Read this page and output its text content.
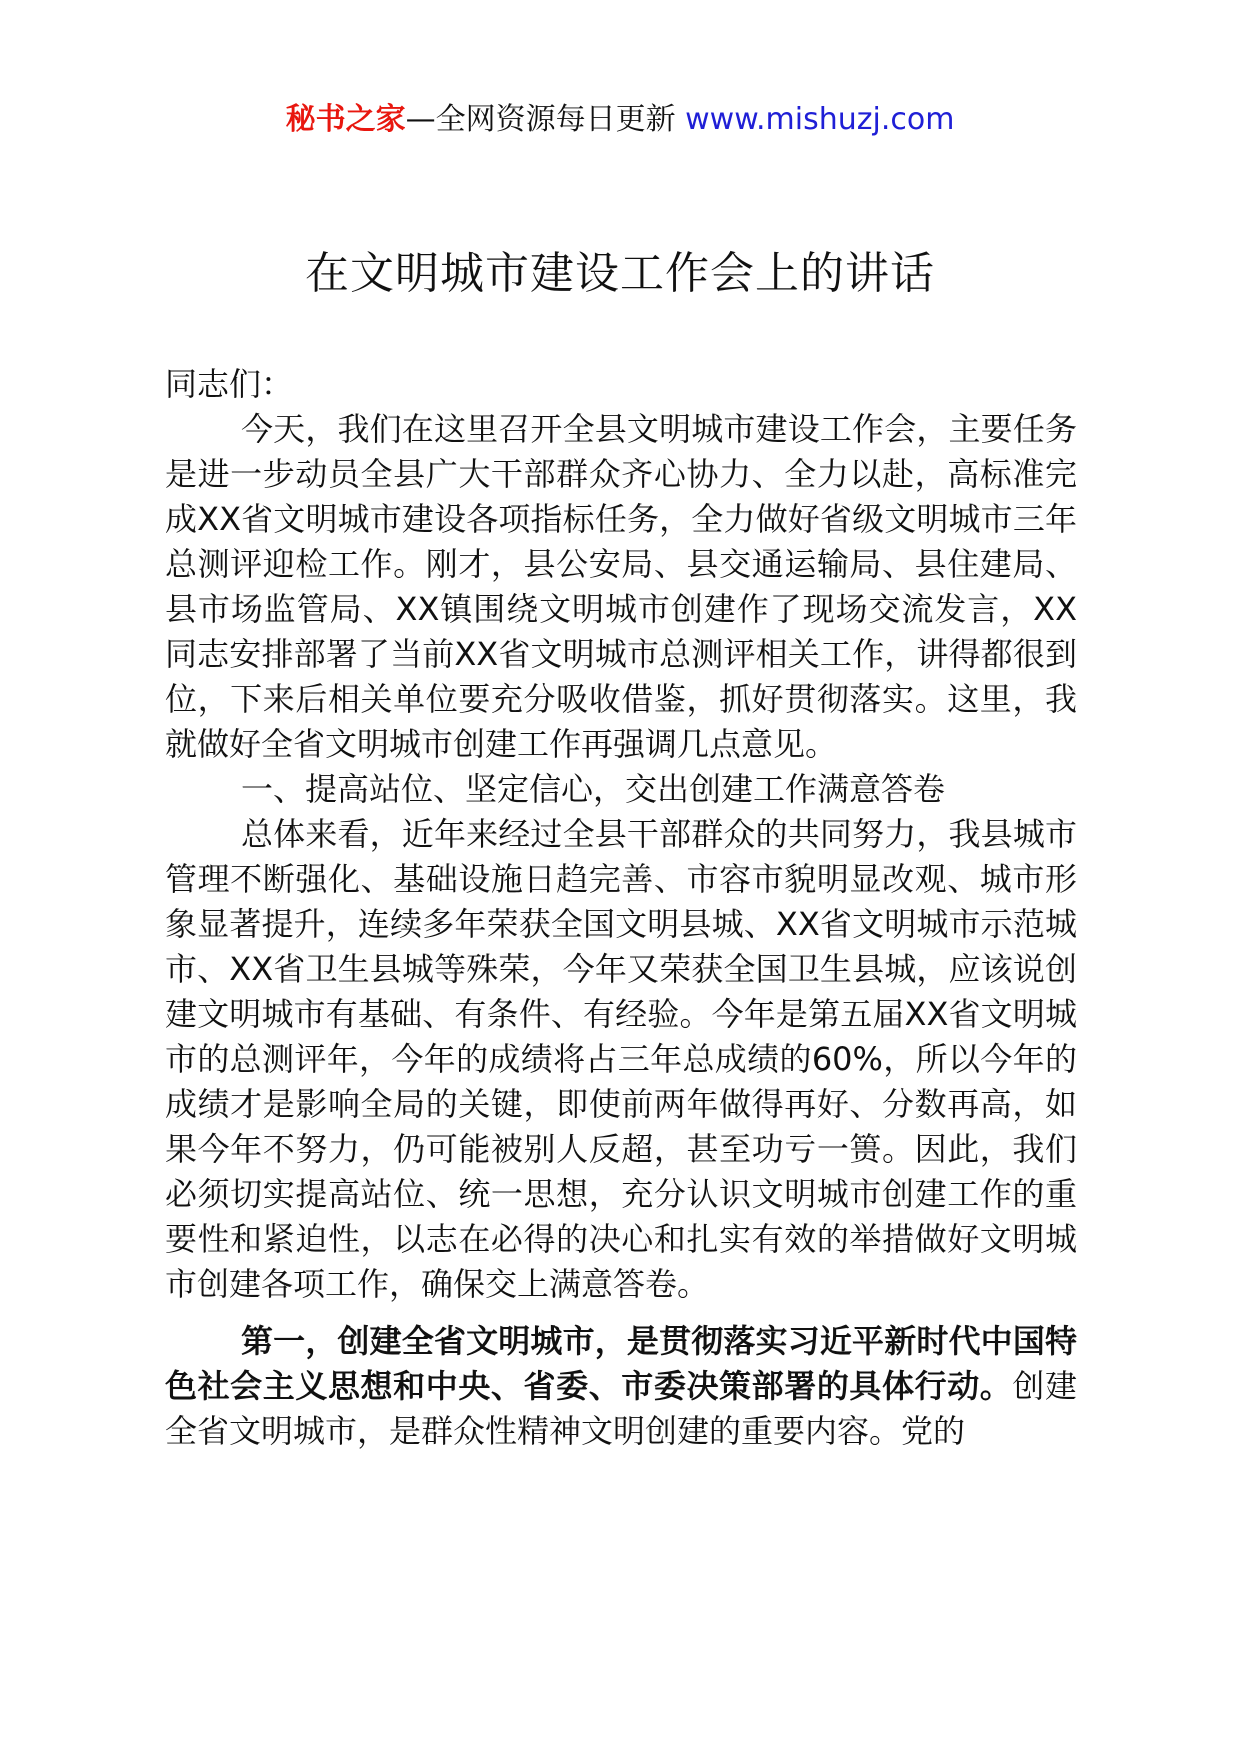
秘书之家—全网资源每日更新 www.mishuzj.com
在文明城市建设工作会上的讲话

同志们：

今天，我们在这里召开全县文明城市建设工作会，主要任务是进一步动员全县广大干部群众齐心协力、全力以赴，高标准完成XX省文明城市建设各项指标任务，全力做好省级文明城市三年总测评迎检工作。刚才，县公安局、县交通运输局、县住建局、县市场监管局、XX镇围绕文明城市创建作了现场交流发言，XX同志安排部署了当前XX省文明城市总测评相关工作，讲得都很到位，下来后相关单位要充分吸收借鉴，抓好贯彻落实。这里，我就做好全省文明城市创建工作再强调几点意见。

一、提高站位、坚定信心，交出创建工作满意答卷

总体来看，近年来经过全县干部群众的共同努力，我县城市管理不断强化、基础设施日趋完善、市容市貌明显改观、城市形象显著提升，连续多年荣获全国文明县城、XX省文明城市示范城市、XX省卫生县城等殊荣，今年又荣获全国卫生县城，应该说创建文明城市有基础、有条件、有经验。今年是第五届XX省文明城市的总测评年，今年的成绩将占三年总成绩的60%，所以今年的成绩才是影响全局的关键，即使前两年做得再好、分数再高，如果今年不努力，仍可能被别人反超，甚至功亏一篑。因此，我们必须切实提高站位、统一思想，充分认识文明城市创建工作的重要性和紧迫性，以志在必得的决心和扎实有效的举措做好文明城市创建各项工作，确保交上满意答卷。

第一，创建全省文明城市，是贯彻落实习近平新时代中国特色社会主义思想和中央、省委、市委决策部署的具体行动。创建全省文明城市，是群众性精神文明创建的重要内容。党的
